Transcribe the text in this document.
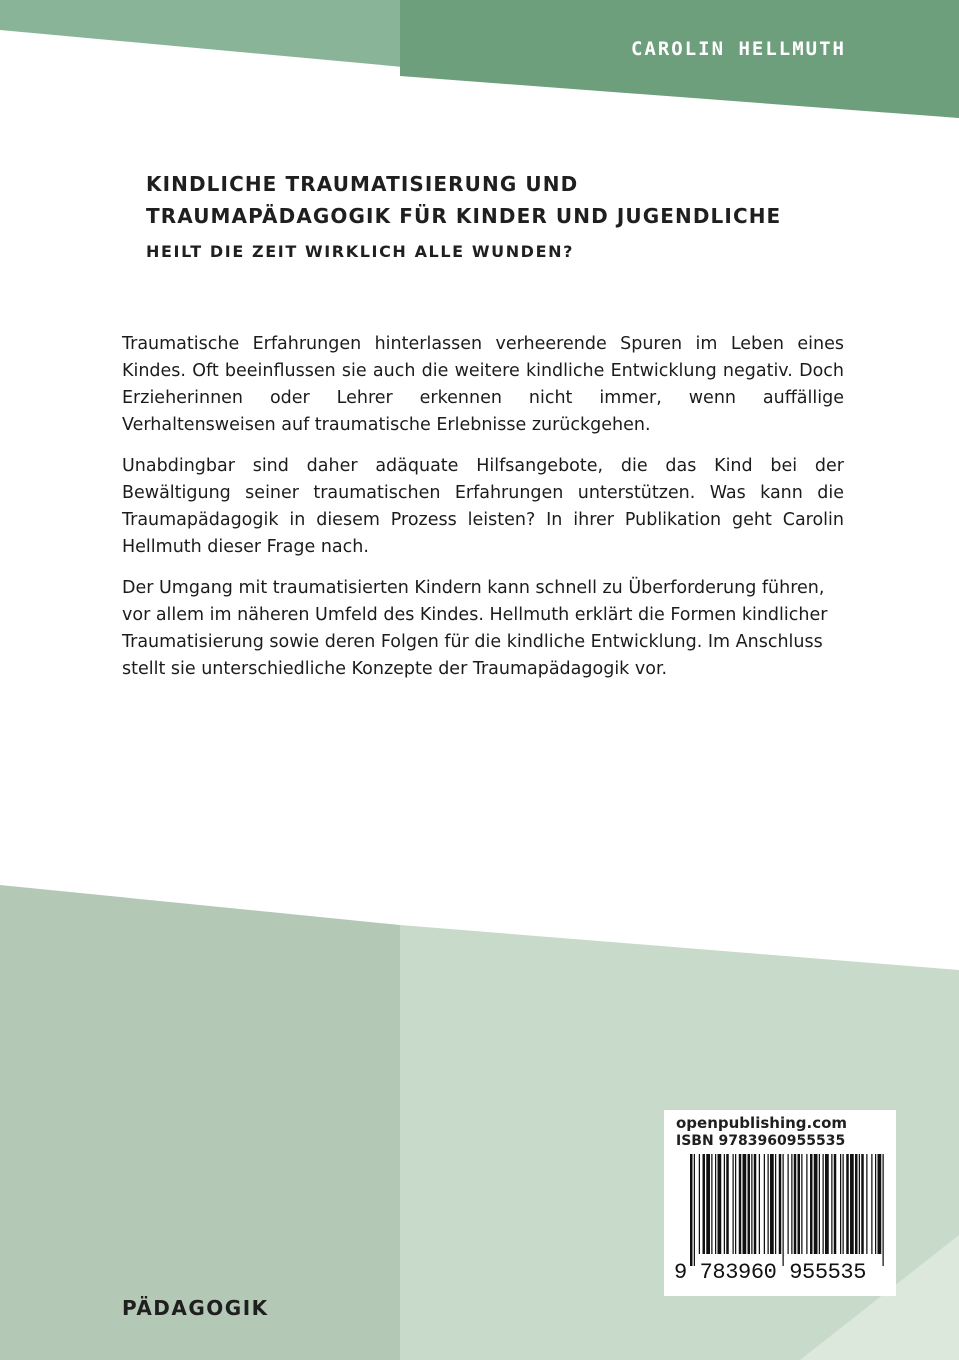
CAROLIN HELLMUTH
KINDLICHE TRAUMATISIERUNG UND
TRAUMAPÄDAGOGIK FÜR KINDER UND JUGENDLICHE
HEILT DIE ZEIT WIRKLICH ALLE WUNDEN?

Traumatische Erfahrungen hinterlassen verheerende Spuren im Leben eines Kindes. Oft beeinflussen sie auch die weitere kindliche Entwicklung negativ. Doch Erzieherinnen oder Lehrer erkennen nicht immer, wenn auffällige Verhaltensweisen auf traumatische Erlebnisse zurückgehen.

Unabdingbar sind daher adäquate Hilfsangebote, die das Kind bei der Bewältigung seiner traumatischen Erfahrungen unterstützen. Was kann die Traumapädagogik in diesem Prozess leisten? In ihrer Publikation geht Carolin Hellmuth dieser Frage nach.

Der Umgang mit traumatisierten Kindern kann schnell zu Überforderung führen, vor allem im näheren Umfeld des Kindes. Hellmuth erklärt die Formen kindlicher Traumatisierung sowie deren Folgen für die kindliche Entwicklung. Im Anschluss stellt sie unterschiedliche Konzepte der Traumapädagogik vor.

openpublishing.com
ISBN 9783960955535
9 783960 955535
PÄDAGOGIK
